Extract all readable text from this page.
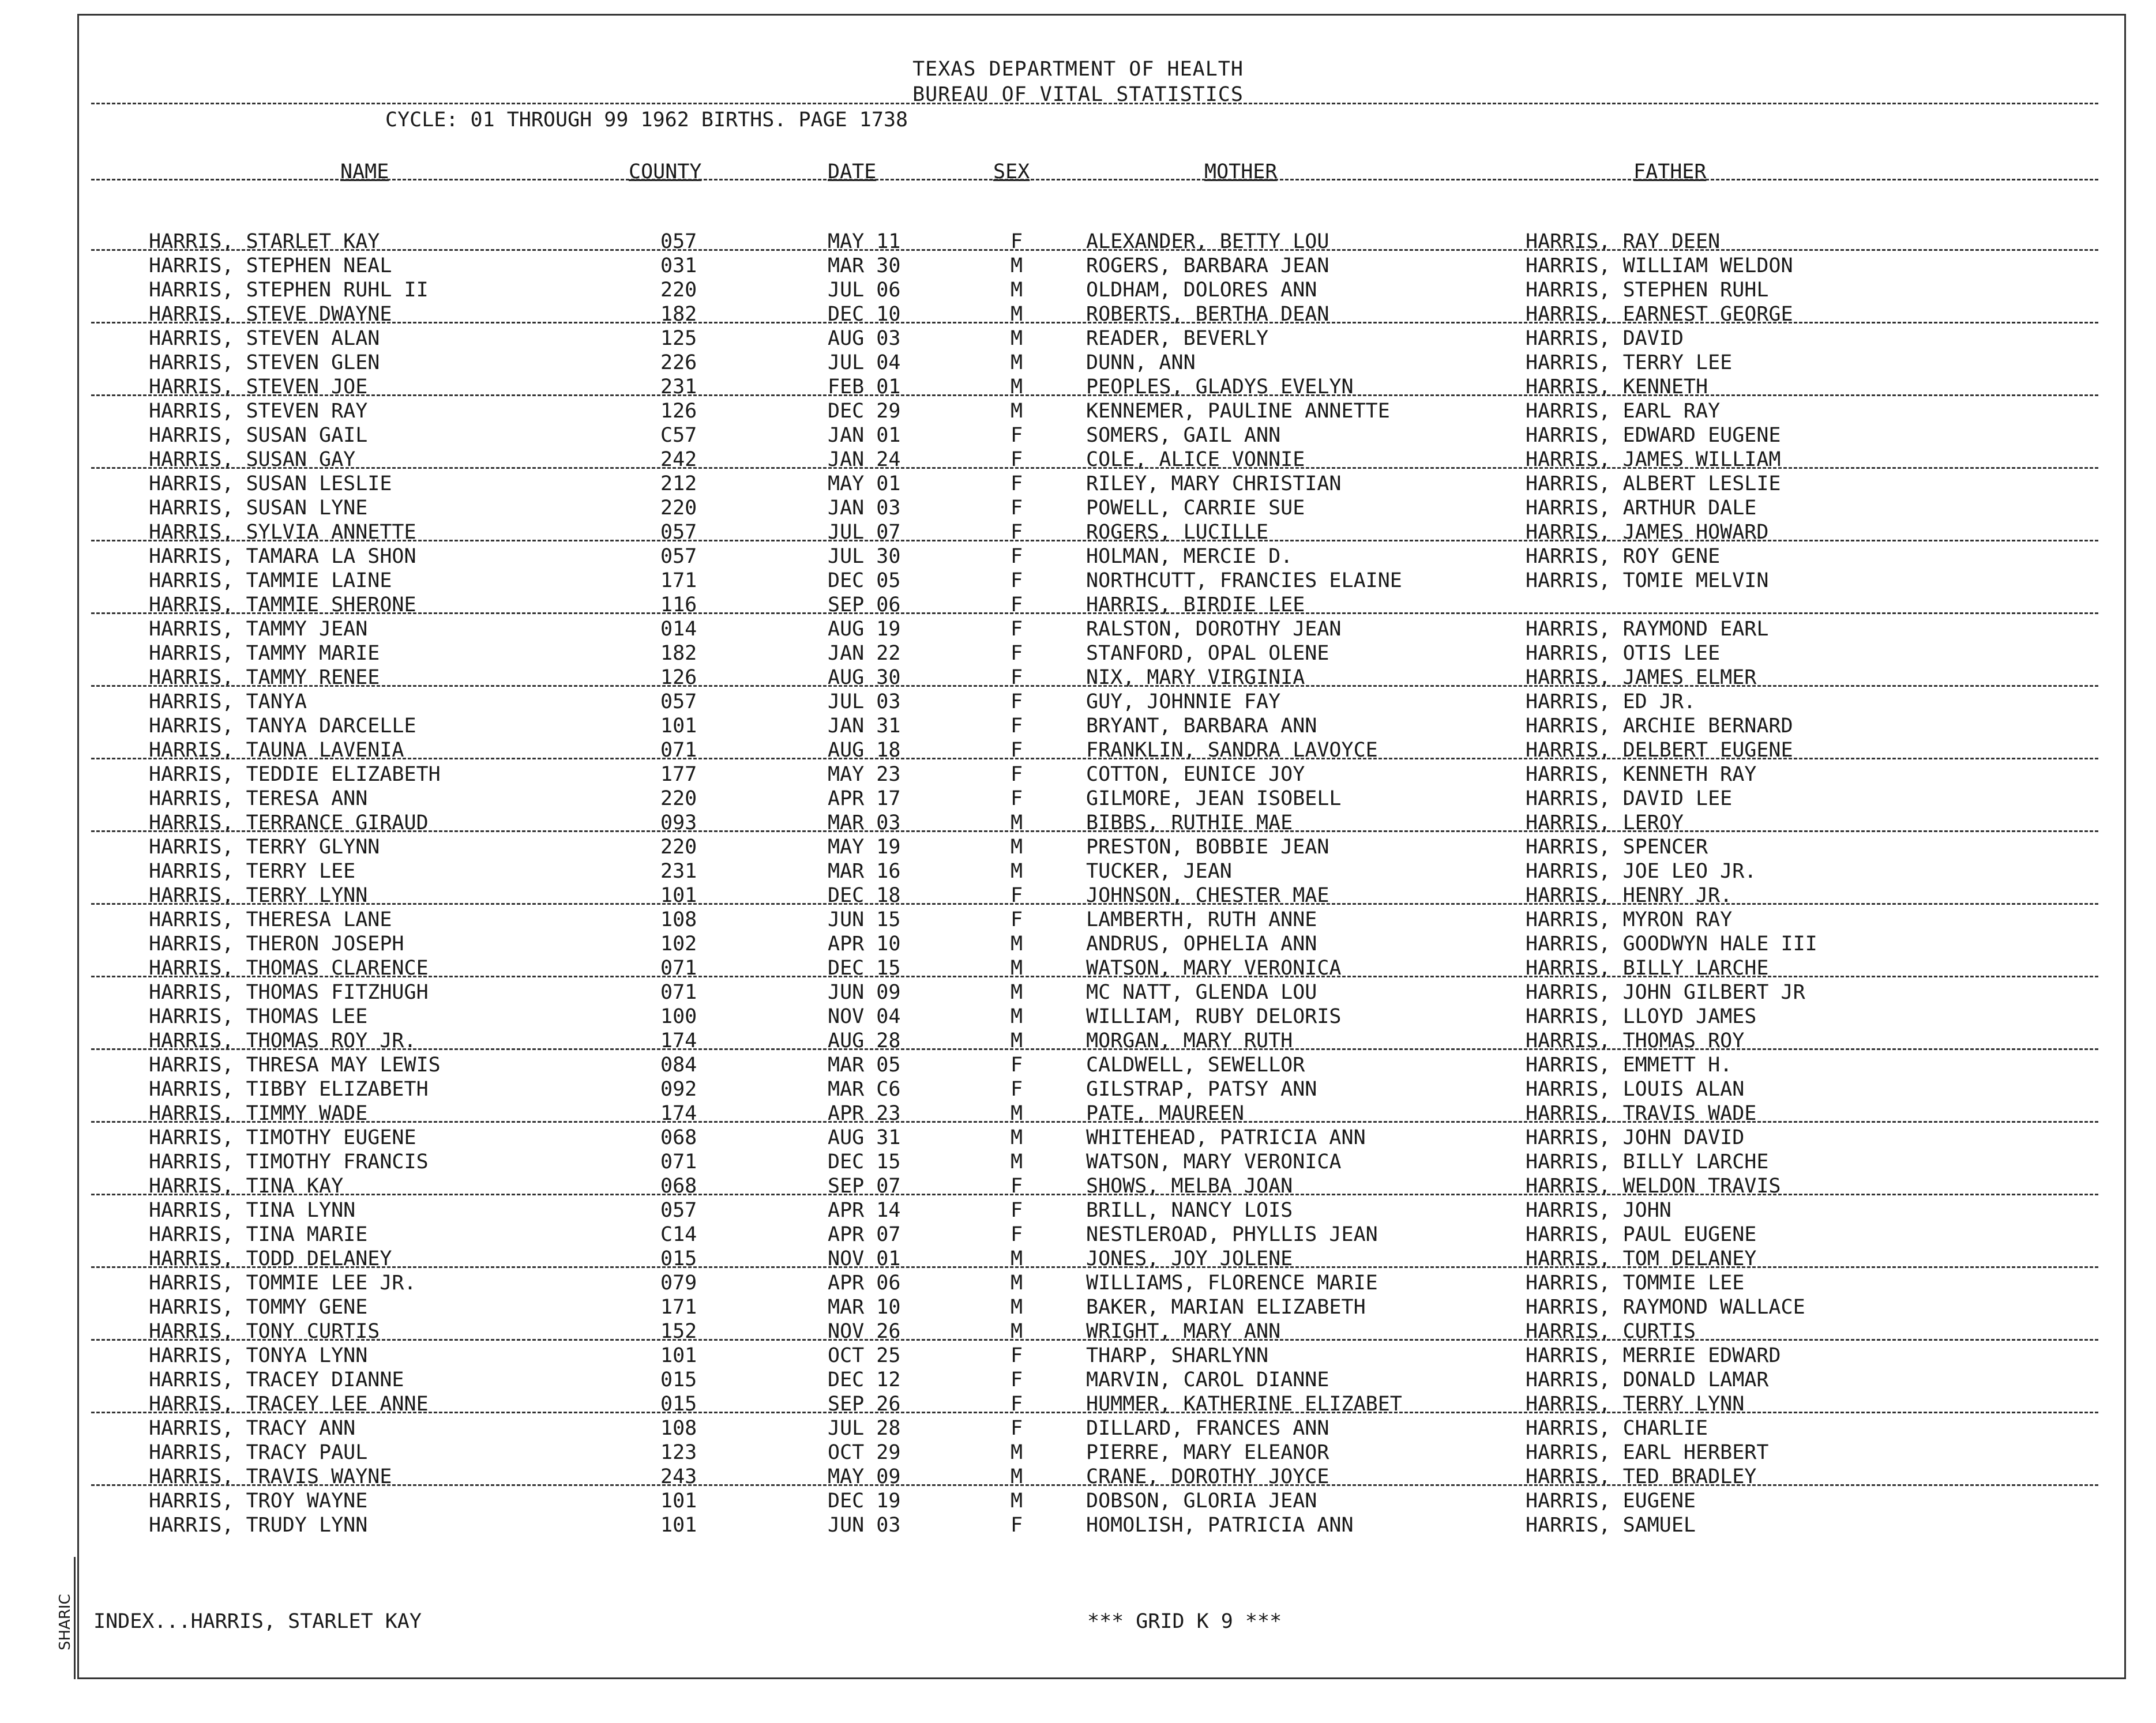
TEXAS DEPARTMENT OF HEALTH
BUREAU OF VITAL STATISTICS
CYCLE: 01 THROUGH 99 1962 BIRTHS. PAGE 1738
NAME	COUNTY	DATE	SEX	MOTHER	FATHER
HARRIS, STARLET KAY	057	MAY 11	F	ALEXANDER, BETTY LOU	HARRIS, RAY DEEN
HARRIS, STEPHEN NEAL	031	MAR 30	M	ROGERS, BARBARA JEAN	HARRIS, WILLIAM WELDON
HARRIS, STEPHEN RUHL II	220	JUL 06	M	OLDHAM, DOLORES ANN	HARRIS, STEPHEN RUHL
HARRIS, STEVE DWAYNE	182	DEC 10	M	ROBERTS, BERTHA DEAN	HARRIS, EARNEST GEORGE
HARRIS, STEVEN ALAN	125	AUG 03	M	READER, BEVERLY	HARRIS, DAVID
HARRIS, STEVEN GLEN	226	JUL 04	M	DUNN, ANN	HARRIS, TERRY LEE
HARRIS, STEVEN JOE	231	FEB 01	M	PEOPLES, GLADYS EVELYN	HARRIS, KENNETH
HARRIS, STEVEN RAY	126	DEC 29	M	KENNEMER, PAULINE ANNETTE	HARRIS, EARL RAY
HARRIS, SUSAN GAIL	C57	JAN 01	F	SOMERS, GAIL ANN	HARRIS, EDWARD EUGENE
HARRIS, SUSAN GAY	242	JAN 24	F	COLE, ALICE VONNIE	HARRIS, JAMES WILLIAM
HARRIS, SUSAN LESLIE	212	MAY 01	F	RILEY, MARY CHRISTIAN	HARRIS, ALBERT LESLIE
HARRIS, SUSAN LYNE	220	JAN 03	F	POWELL, CARRIE SUE	HARRIS, ARTHUR DALE
HARRIS, SYLVIA ANNETTE	057	JUL 07	F	ROGERS, LUCILLE	HARRIS, JAMES HOWARD
HARRIS, TAMARA LA SHON	057	JUL 30	F	HOLMAN, MERCIE D.	HARRIS, ROY GENE
HARRIS, TAMMIE LAINE	171	DEC 05	F	NORTHCUTT, FRANCIES ELAINE	HARRIS, TOMIE MELVIN
HARRIS, TAMMIE SHERONE	116	SEP 06	F	HARRIS, BIRDIE LEE
HARRIS, TAMMY JEAN	014	AUG 19	F	RALSTON, DOROTHY JEAN	HARRIS, RAYMOND EARL
HARRIS, TAMMY MARIE	182	JAN 22	F	STANFORD, OPAL OLENE	HARRIS, OTIS LEE
HARRIS, TAMMY RENEE	126	AUG 30	F	NIX, MARY VIRGINIA	HARRIS, JAMES ELMER
HARRIS, TANYA	057	JUL 03	F	GUY, JOHNNIE FAY	HARRIS, ED JR.
HARRIS, TANYA DARCELLE	101	JAN 31	F	BRYANT, BARBARA ANN	HARRIS, ARCHIE BERNARD
HARRIS, TAUNA LAVENIA	071	AUG 18	F	FRANKLIN, SANDRA LAVOYCE	HARRIS, DELBERT EUGENE
HARRIS, TEDDIE ELIZABETH	177	MAY 23	F	COTTON, EUNICE JOY	HARRIS, KENNETH RAY
HARRIS, TERESA ANN	220	APR 17	F	GILMORE, JEAN ISOBELL	HARRIS, DAVID LEE
HARRIS, TERRANCE GIRAUD	093	MAR 03	M	BIBBS, RUTHIE MAE	HARRIS, LEROY
HARRIS, TERRY GLYNN	220	MAY 19	M	PRESTON, BOBBIE JEAN	HARRIS, SPENCER
HARRIS, TERRY LEE	231	MAR 16	M	TUCKER, JEAN	HARRIS, JOE LEO JR.
HARRIS, TERRY LYNN	101	DEC 18	F	JOHNSON, CHESTER MAE	HARRIS, HENRY JR.
HARRIS, THERESA LANE	108	JUN 15	F	LAMBERTH, RUTH ANNE	HARRIS, MYRON RAY
HARRIS, THERON JOSEPH	102	APR 10	M	ANDRUS, OPHELIA ANN	HARRIS, GOODWYN HALE III
HARRIS, THOMAS CLARENCE	071	DEC 15	M	WATSON, MARY VERONICA	HARRIS, BILLY LARCHE
HARRIS, THOMAS FITZHUGH	071	JUN 09	M	MC NATT, GLENDA LOU	HARRIS, JOHN GILBERT JR
HARRIS, THOMAS LEE	100	NOV 04	M	WILLIAM, RUBY DELORIS	HARRIS, LLOYD JAMES
HARRIS, THOMAS ROY JR.	174	AUG 28	M	MORGAN, MARY RUTH	HARRIS, THOMAS ROY
HARRIS, THRESA MAY LEWIS	084	MAR 05	F	CALDWELL, SEWELLOR	HARRIS, EMMETT H.
HARRIS, TIBBY ELIZABETH	092	MAR C6	F	GILSTRAP, PATSY ANN	HARRIS, LOUIS ALAN
HARRIS, TIMMY WADE	174	APR 23	M	PATE, MAUREEN	HARRIS, TRAVIS WADE
HARRIS, TIMOTHY EUGENE	068	AUG 31	M	WHITEHEAD, PATRICIA ANN	HARRIS, JOHN DAVID
HARRIS, TIMOTHY FRANCIS	071	DEC 15	M	WATSON, MARY VERONICA	HARRIS, BILLY LARCHE
HARRIS, TINA KAY	068	SEP 07	F	SHOWS, MELBA JOAN	HARRIS, WELDON TRAVIS
HARRIS, TINA LYNN	057	APR 14	F	BRILL, NANCY LOIS	HARRIS, JOHN
HARRIS, TINA MARIE	C14	APR 07	F	NESTLEROAD, PHYLLIS JEAN	HARRIS, PAUL EUGENE
HARRIS, TODD DELANEY	015	NOV 01	M	JONES, JOY JOLENE	HARRIS, TOM DELANEY
HARRIS, TOMMIE LEE JR.	079	APR 06	M	WILLIAMS, FLORENCE MARIE	HARRIS, TOMMIE LEE
HARRIS, TOMMY GENE	171	MAR 10	M	BAKER, MARIAN ELIZABETH	HARRIS, RAYMOND WALLACE
HARRIS, TONY CURTIS	152	NOV 26	M	WRIGHT, MARY ANN	HARRIS, CURTIS
HARRIS, TONYA LYNN	101	OCT 25	F	THARP, SHARLYNN	HARRIS, MERRIE EDWARD
HARRIS, TRACEY DIANNE	015	DEC 12	F	MARVIN, CAROL DIANNE	HARRIS, DONALD LAMAR
HARRIS, TRACEY LEE ANNE	015	SEP 26	F	HUMMER, KATHERINE ELIZABET	HARRIS, TERRY LYNN
HARRIS, TRACY ANN	108	JUL 28	F	DILLARD, FRANCES ANN	HARRIS, CHARLIE
HARRIS, TRACY PAUL	123	OCT 29	M	PIERRE, MARY ELEANOR	HARRIS, EARL HERBERT
HARRIS, TRAVIS WAYNE	243	MAY 09	M	CRANE, DOROTHY JOYCE	HARRIS, TED BRADLEY
HARRIS, TROY WAYNE	101	DEC 19	M	DOBSON, GLORIA JEAN	HARRIS, EUGENE
HARRIS, TRUDY LYNN	101	JUN 03	F	HOMOLISH, PATRICIA ANN	HARRIS, SAMUEL
INDEX...HARRIS, STARLET KAY	*** GRID K 9 ***
SHARIC
